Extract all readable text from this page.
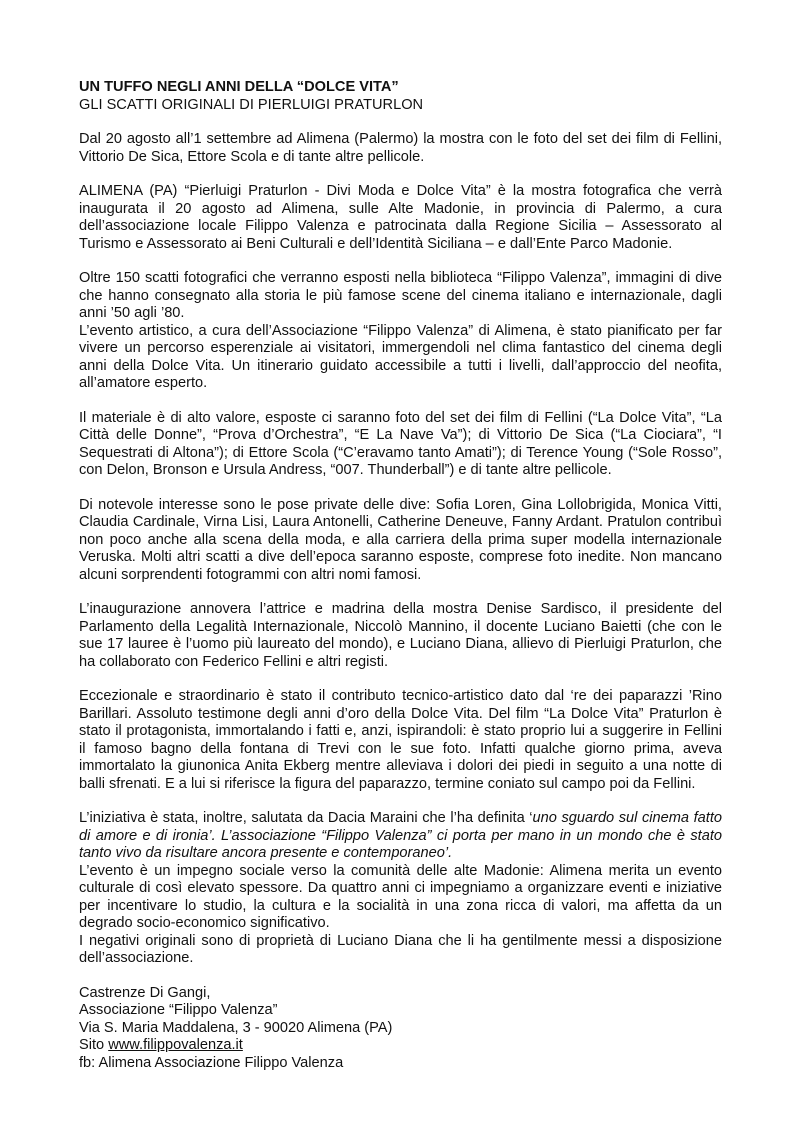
UN TUFFO NEGLI ANNI DELLA “DOLCE VITA”

GLI SCATTI ORIGINALI DI PIERLUIGI PRATURLON

Dal 20 agosto all’1 settembre ad Alimena (Palermo) la mostra con le foto del set dei film di Fellini, Vittorio De Sica, Ettore Scola e di tante altre pellicole.

ALIMENA (PA) “Pierluigi Praturlon - Divi Moda e Dolce Vita” è la mostra fotografica che verrà inaugurata il 20 agosto ad Alimena, sulle Alte Madonie, in provincia di Palermo, a cura dell’associazione locale Filippo Valenza e patrocinata dalla Regione Sicilia – Assessorato al Turismo e Assessorato ai Beni Culturali e dell’Identità Siciliana – e dall’Ente Parco Madonie.

Oltre 150 scatti fotografici che verranno esposti nella biblioteca “Filippo Valenza”, immagini di dive che hanno consegnato alla storia le più famose scene del cinema italiano e internazionale, dagli anni ’50 agli ’80.

L’evento artistico, a cura dell’Associazione “Filippo Valenza” di Alimena, è stato pianificato per far vivere un percorso esperenziale ai visitatori, immergendoli nel clima fantastico del cinema degli anni della Dolce Vita. Un itinerario guidato accessibile a tutti i livelli, dall’approccio del neofita, all’amatore esperto.

Il materiale è di alto valore, esposte ci saranno foto del set dei film di Fellini (“La Dolce Vita”, “La Città delle Donne”, “Prova d’Orchestra”, “E La Nave Va”); di Vittorio De Sica (“La Ciociara”, “I Sequestrati di Altona”); di Ettore Scola (“C’eravamo tanto Amati”); di Terence Young (“Sole Rosso”, con Delon, Bronson e Ursula Andress, “007. Thunderball”) e di tante altre pellicole.

Di notevole interesse sono le pose private delle dive: Sofia Loren, Gina Lollobrigida, Monica Vitti, Claudia Cardinale, Virna Lisi, Laura Antonelli, Catherine Deneuve, Fanny Ardant. Pratulon contribuì non poco anche alla scena della moda, e alla carriera della prima super modella internazionale Veruska. Molti altri scatti a dive dell’epoca saranno esposte, comprese foto inedite. Non mancano alcuni sorprendenti fotogrammi con altri nomi famosi.

L’inaugurazione annovera l’attrice e madrina della mostra Denise Sardisco, il presidente del Parlamento della Legalità Internazionale, Niccolò Mannino, il docente Luciano Baietti (che con le sue 17 lauree è l’uomo più laureato del mondo), e Luciano Diana, allievo di Pierluigi Praturlon, che ha collaborato con Federico Fellini e altri registi.

Eccezionale e straordinario è stato il contributo tecnico-artistico dato dal ‘re dei paparazzi ’Rino Barillari. Assoluto testimone degli anni d’oro della Dolce Vita. Del film “La Dolce Vita” Praturlon è stato il protagonista, immortalando i fatti e, anzi, ispirandoli: è stato proprio lui a suggerire in Fellini il famoso bagno della fontana di Trevi con le sue foto. Infatti qualche giorno prima, aveva immortalato la giunonica Anita Ekberg mentre alleviava i dolori dei piedi in seguito a una notte di balli sfrenati. E a lui si riferisce la figura del paparazzo, termine coniato sul campo poi da Fellini.

L’iniziativa è stata, inoltre, salutata da Dacia Maraini che l’ha definita ‘uno sguardo sul cinema fatto di amore e di ironia’. L’associazione “Filippo Valenza” ci porta per mano in un mondo che è stato tanto vivo da risultare ancora presente e contemporaneo’.

L’evento è un impegno sociale verso la comunità delle alte Madonie: Alimena merita un evento culturale di così elevato spessore. Da quattro anni ci impegniamo a organizzare eventi e iniziative per incentivare lo studio, la cultura e la socialità in una zona ricca di valori, ma affetta da un degrado socio-economico significativo.

I negativi originali sono di proprietà di Luciano Diana che li ha gentilmente messi a disposizione dell’associazione.

Castrenze Di Gangi,

Associazione “Filippo Valenza”

Via S. Maria Maddalena, 3 - 90020 Alimena (PA)

Sito www.filippovalenza.it

fb: Alimena Associazione Filippo Valenza
